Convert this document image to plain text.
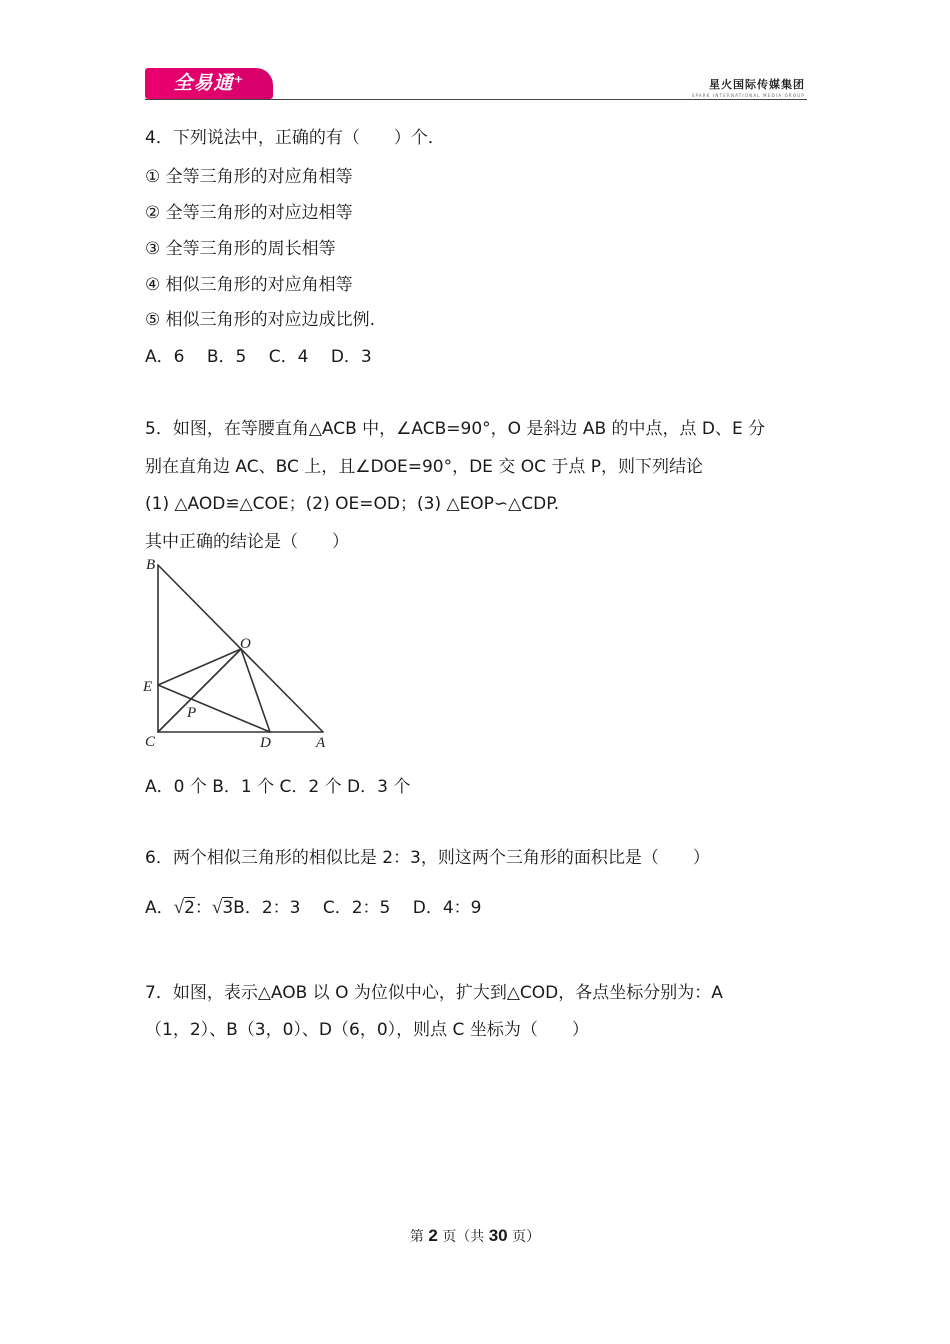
全易通⁺	星火国际传媒集团
SPARK INTERNATIONAL MEDIA GROUP
4．下列说法中，正确的有（　　）个．
① 全等三角形的对应角相等
② 全等三角形的对应边相等
③ 全等三角形的周长相等
④ 相似三角形的对应角相等
⑤ 相似三角形的对应边成比例.
A．6　 B．5　 C．4　 D．3
5．如图，在等腰直角△ACB 中，∠ACB=90°，O 是斜边 AB 的中点，点 D、E 分
别在直角边 AC、BC 上，且∠DOE=90°，DE 交 OC 于点 P，则下列结论
(1) △AOD≌△COE；(2) OE=OD；(3) △EOP∽△CDP.
其中正确的结论是（　　）
B
O
E
P
C	D	A
A．0 个 B．1 个 C．2 个 D．3 个
6．两个相似三角形的相似比是 2：3，则这两个三角形的面积比是（　　）
A．√2：√3B．2：3　 C．2：5　 D．4：9
7．如图，表示△AOB 以 O 为位似中心，扩大到△COD，各点坐标分别为：A
（1，2）、B（3，0）、D（6，0），则点 C 坐标为（　　）
第 2 页（共 30 页）
